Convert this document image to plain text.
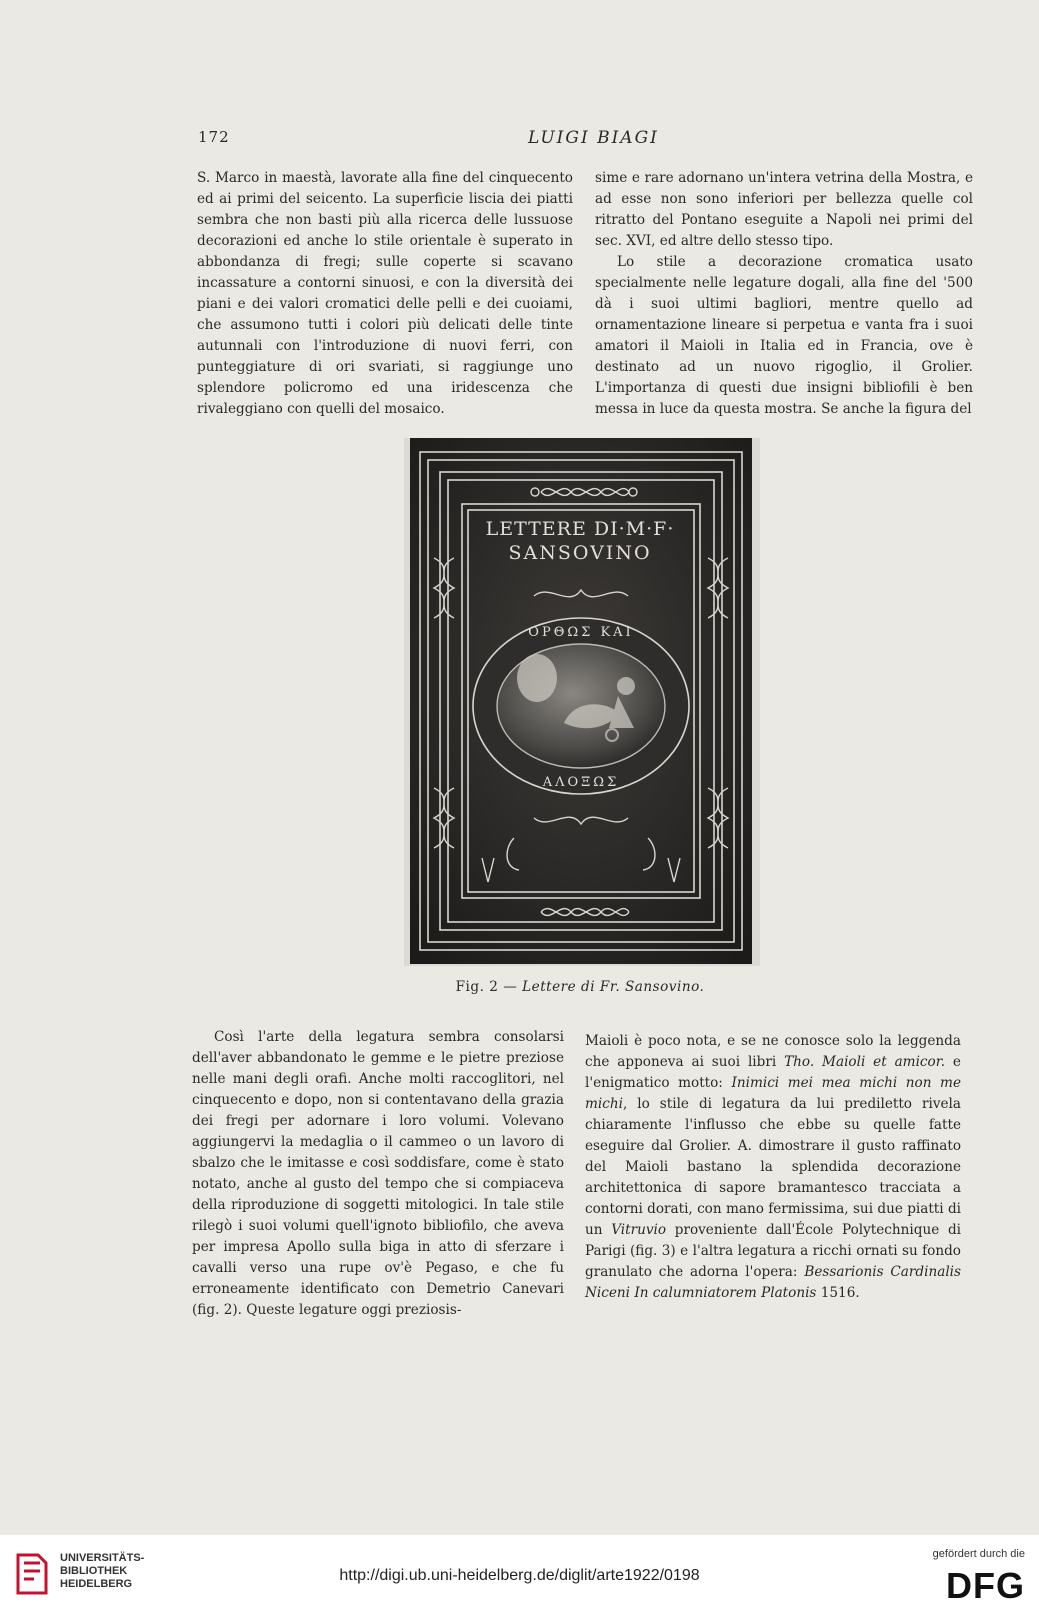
172	LUIGI BIAGI

S. Marco in maestà, lavorate alla fine del cinquecento ed ai primi del seicento. La superficie liscia dei piatti sembra che non basti più alla ricerca delle lussuose decorazioni ed anche lo stile orientale è superato in abbondanza di fregi; sulle coperte si scavano incassature a contorni sinuosi, e con la diversità dei piani e dei valori cromatici delle pelli e dei cuoiami, che assumono tutti i colori più delicati delle tinte autunnali con l'introduzione di nuovi ferri, con punteggiature di ori svariati, si raggiunge uno splendore policromo ed una iridescenza che rivaleggiano con quelli del mosaico.

sime e rare adornano un'intera vetrina della Mostra, e ad esse non sono inferiori per bellezza quelle col ritratto del Pontano eseguite a Napoli nei primi del sec. XVI, ed altre dello stesso tipo.

Lo stile a decorazione cromatica usato specialmente nelle legature dogali, alla fine del '500 dà i suoi ultimi bagliori, mentre quello ad ornamentazione lineare si perpetua e vanta fra i suoi amatori il Maioli in Italia ed in Francia, ove è destinato ad un nuovo rigoglio, il Grolier. L'importanza di questi due insigni bibliofili è ben messa in luce da questa mostra. Se anche la figura del

LETTERE DI·M·F·
SANSOVINO
ΟΡΘΩΣ ΚΑΙ
ΑΛΟΞΩΣ
Fig. 2 — Lettere di Fr. Sansovino.

Così l'arte della legatura sembra consolarsi dell'aver abbandonato le gemme e le pietre preziose nelle mani degli orafi. Anche molti raccoglitori, nel cinquecento e dopo, non si contentavano della grazia dei fregi per adornare i loro volumi. Volevano aggiungervi la medaglia o il cammeo o un lavoro di sbalzo che le imitasse e così soddisfare, come è stato notato, anche al gusto del tempo che si compiaceva della riproduzione di soggetti mitologici. In tale stile rilegò i suoi volumi quell'ignoto bibliofilo, che aveva per impresa Apollo sulla biga in atto di sferzare i cavalli verso una rupe ov'è Pegaso, e che fu erroneamente identificato con Demetrio Canevari (fig. 2). Queste legature oggi preziosis-

Maioli è poco nota, e se ne conosce solo la leggenda che apponeva ai suoi libri Tho. Maioli et amicor. e l'enigmatico motto: Inimici mei mea michi non me michi, lo stile di legatura da lui prediletto rivela chiaramente l'influsso che ebbe su quelle fatte eseguire dal Grolier. A. dimostrare il gusto raffinato del Maioli bastano la splendida decorazione architettonica di sapore bramantesco tracciata a contorni dorati, con mano fermissima, sui due piatti di un Vitruvio proveniente dall'École Polytechnique di Parigi (fig. 3) e l'altra legatura a ricchi ornati su fondo granulato che adorna l'opera: Bessarionis Cardinalis Niceni In calumniatorem Platonis 1516.

UNIVERSITÄTS-
BIBLIOTHEK
HEIDELBERG	http://digi.ub.uni-heidelberg.de/diglit/arte1922/0198
gefördert durch die
DFG
